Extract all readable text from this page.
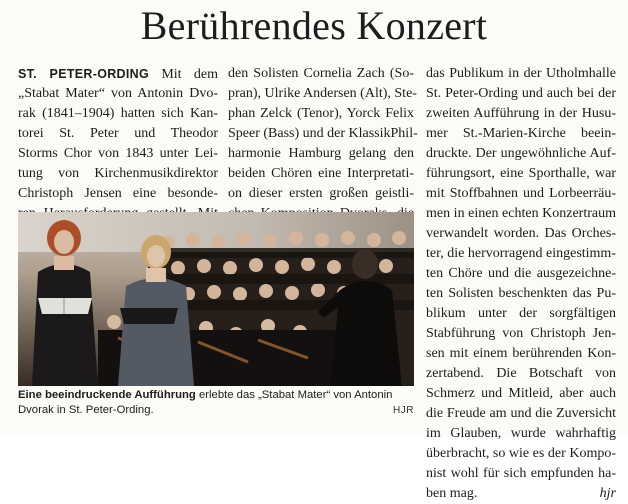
Berührendes Konzert
ST. PETER-ORDING Mit dem
„Stabat Mater“ von Antonin Dvo-
rak (1841–1904) hatten sich Kan-
torei St. Peter und Theodor
Storms Chor von 1843 unter Lei-
tung von Kirchenmusikdirektor
Christoph Jensen eine besonde-
den Solisten Cornelia Zach (So-
pran), Ulrike Andersen (Alt), Ste-
phan Zelck (Tenor), Yorck Felix
Speer (Bass) und der KlassikPhil-
harmonie Hamburg gelang den
beiden Chören eine Interpretati-
on dieser ersten großen geistli-
das Publikum in der Utholmhalle
St. Peter-Ording und auch bei der
zweiten Aufführung in der Husu-
mer St.-Marien-Kirche beein-
druckte. Der ungewöhnliche Auf-
führungsort, eine Sporthalle, war
mit Stoffbahnen und Lorbeerräu-
men in einen echten Konzertraum
verwandelt worden. Das Orches-
ter, die hervorragend eingestimm-
ten Chöre und die ausgezeichne-
ten Solisten beschenkten das Pu-
blikum unter der sorgfältigen
Stabführung von Christoph Jen-
sen mit einem berührenden Kon-
zertabend. Die Botschaft von
Schmerz und Mitleid, aber auch
die Freude am und die Zuversicht
im Glauben, wurde wahrhaftig
überbracht, so wie es der Kompo-
nist wohl für sich empfunden ha-
ben mag.	hjr
Eine beeindruckende Aufführung erlebte das „Stabat Mater“ von Antonin
Dvorak in St. Peter-Ording.	HJR
